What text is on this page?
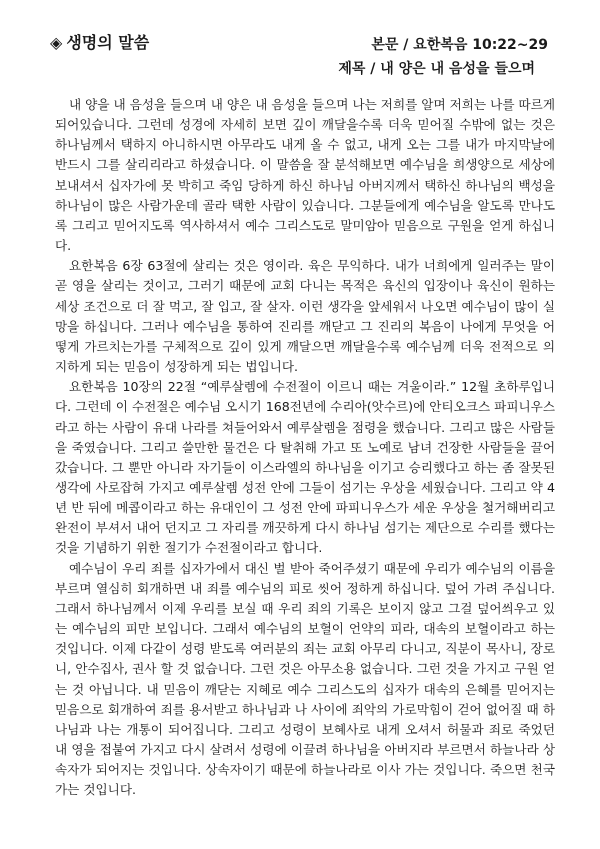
◈ 생명의 말씀	본문 / 요한복음 10:22~29
제목 / 내 양은 내 음성을 들으며

내 양을 내 음성을 들으며 내 양은 내 음성을 들으며 나는 저희를 알며 저희는 나를 따르게 되어있습니다. 그런데 성경에 자세히 보면 깊이 깨달을수록 더욱 믿어질 수밖에 없는 것은 하나님께서 택하지 아니하시면 아무라도 내게 올 수 없고, 내게 오는 그를 내가 마지막날에 반드시 그를 살리리라고 하셨습니다. 이 말씀을 잘 분석해보면 예수님을 희생양으로 세상에 보내셔서 십자가에 못 박히고 죽임 당하게 하신 하나님 아버지께서 택하신 하나님의 백성을 하나님이 많은 사람가운데 골라 택한 사람이 있습니다. 그분들에게 예수님을 알도록 만나도록 그리고 믿어지도록 역사하셔서 예수 그리스도로 말미암아 믿음으로 구원을 얻게 하십니다.

요한복음 6장 63절에 살리는 것은 영이라. 육은 무익하다. 내가 너희에게 일러주는 말이 곧 영을 살리는 것이고, 그러기 때문에 교회 다니는 목적은 육신의 입장이나 육신이 원하는 세상 조건으로 더 잘 먹고, 잘 입고, 잘 살자. 이런 생각을 앞세워서 나오면 예수님이 많이 실망을 하십니다. 그러나 예수님을 통하여 진리를 깨닫고 그 진리의 복음이 나에게 무엇을 어떻게 가르치는가를 구체적으로 깊이 있게 깨달으면 깨달을수록 예수님께 더욱 전적으로 의지하게 되는 믿음이 성장하게 되는 법입니다.

요한복음 10장의 22절 “예루살렘에 수전절이 이르니 때는 겨울이라.” 12월 초하루입니다. 그런데 이 수전절은 예수님 오시기 168전년에 수리아(앗수르)에 안티오크스 파피니우스라고 하는 사람이 유대 나라를 쳐들어와서 예루살렘을 점령을 했습니다. 그리고 많은 사람들을 죽였습니다. 그리고 쓸만한 물건은 다 탈취해 가고 또 노예로 남녀 건장한 사람들을 끌어갔습니다. 그 뿐만 아니라 자기들이 이스라엘의 하나님을 이기고 승리했다고 하는 좀 잘못된 생각에 사로잡혀 가지고 예루살렘 성전 안에 그들이 섬기는 우상을 세웠습니다. 그리고 약 4년 반 뒤에 메콥이라고 하는 유대인이 그 성전 안에 파피니우스가 세운 우상을 철거해버리고 완전이 부셔서 내어 던지고 그 자리를 깨끗하게 다시 하나님 섬기는 제단으로 수리를 했다는 것을 기념하기 위한 절기가 수전절이라고 합니다.

예수님이 우리 죄를 십자가에서 대신 벌 받아 죽어주셨기 때문에 우리가 예수님의 이름을 부르며 열심히 회개하면 내 죄를 예수님의 피로 씻어 정하게 하십니다. 덮어 가려 주십니다. 그래서 하나님께서 이제 우리를 보실 때 우리 죄의 기록은 보이지 않고 그걸 덮어씌우고 있는 예수님의 피만 보입니다. 그래서 예수님의 보혈이 언약의 피라, 대속의 보혈이라고 하는 것입니다. 이제 다같이 성령 받도록 여러분의 죄는 교회 아무리 다니고, 직분이 목사니, 장로니, 안수집사, 권사 할 것 없습니다. 그런 것은 아무소용 없습니다. 그런 것을 가지고 구원 얻는 것 아닙니다. 내 믿음이 깨닫는 지혜로 예수 그리스도의 십자가 대속의 은혜를 믿어지는 믿음으로 회개하여 죄를 용서받고 하나님과 나 사이에 죄악의 가로막힘이 걷어 없어질 때 하나님과 나는 개통이 되어집니다. 그리고 성령이 보혜사로 내게 오셔서 허물과 죄로 죽었던 내 영을 접붙여 가지고 다시 살려서 성령에 이끌려 하나님을 아버지라 부르면서 하늘나라 상속자가 되어지는 것입니다. 상속자이기 때문에 하늘나라로 이사 가는 것입니다. 죽으면 천국 가는 것입니다.
